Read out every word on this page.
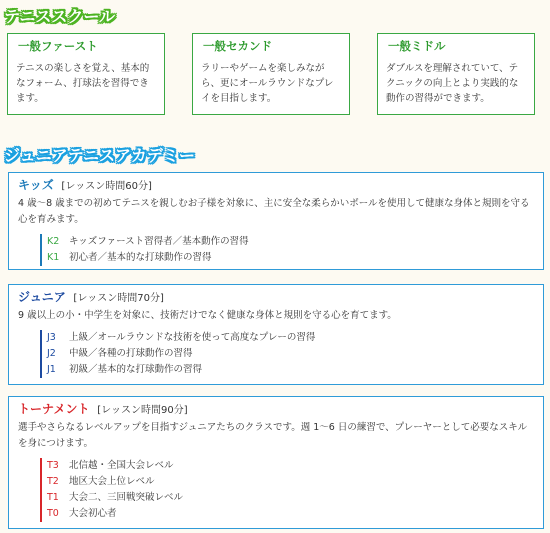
テニススクール
一般ファースト

テニスの楽しさを覚え、基本的なフォーム、打球法を習得できます。

一般セカンド

ラリーやゲームを楽しみながら、更にオールラウンドなプレイを目指します。

一般ミドル

ダブルスを理解されていて、テクニックの向上とより実践的な動作の習得ができます。

ジュニアテニスアカデミー
キッズ [レッスン時間60分]

4 歳～8 歳までの初めてテニスを親しむお子様を対象に、主に安全な柔らかいボールを使用して健康な身体と規則を守る心を育みます。

K2 キッズファースト習得者／基本動作の習得
K1 初心者／基本的な打球動作の習得
ジュニア [レッスン時間70分]

9 歳以上の小・中学生を対象に、技術だけでなく健康な身体と規則を守る心を育てます。

J3 上級／オールラウンドな技術を使って高度なプレーの習得
J2 中級／各種の打球動作の習得
J1 初級／基本的な打球動作の習得
トーナメント [レッスン時間90分]

選手やさらなるレベルアップを目指すジュニアたちのクラスです。週 1～6 日の練習で、プレーヤーとして必要なスキルを身につけます。

T3 北信越・全国大会レベル
T2 地区大会上位レベル
T1 大会二、三回戦突破レベル
T0 大会初心者
